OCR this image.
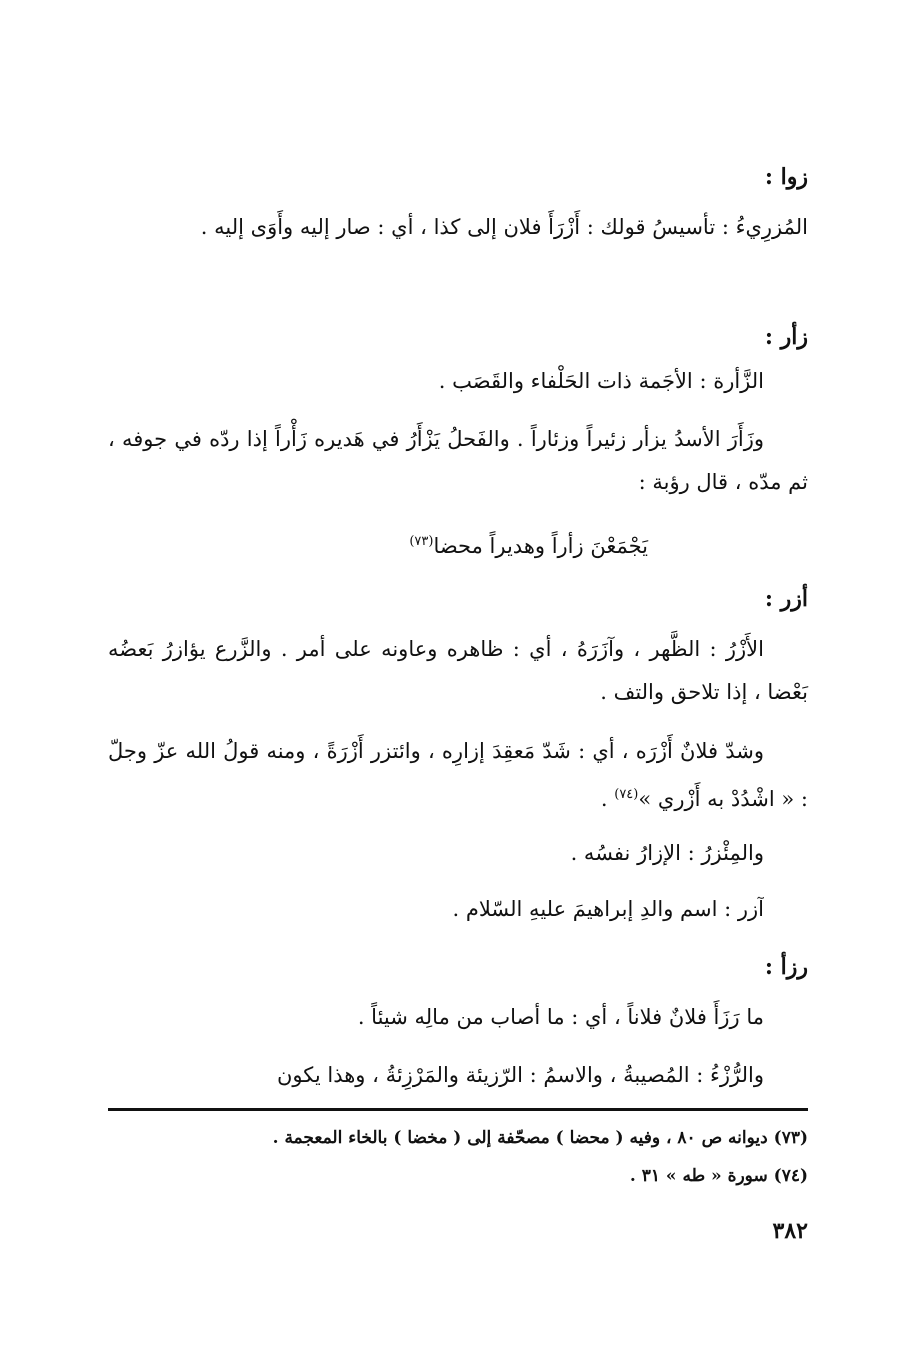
زوا :
المُزرِيءُ : تأسيسُ قولك : أَزْرَأَ فلان إلى كذا ، أي : صار إليه وأَوَى إليه .
زأر :
الزَّأرة : الأجَمة ذات الحَلْفاء والقَصَب .
وزَأَرَ الأسدُ يزأر زئيراً وزئاراً . والفَحلُ يَزْأَرُ في هَديره زَأْراً إذا ردّه في جوفه ، ثم مدّه ، قال رؤبة :
يَجْمَعْنَ زأراً وهديراً محضا$^{(٧٣)}$
أزر :
الأَزْرُ : الظَّهر ، وآزَرَهُ ، أي : ظاهره وعاونه على أمر . والزَّرع يؤازرُ بَعضُه بَعْضا ، إذا تلاحق والتف .
وشدّ فلانٌ أَزْرَه ، أي : شَدّ مَعقِدَ إزارِه ، وائتزر أَزْرَةً ، ومنه قولُ الله عزّ وجلّ : « اشْدُدْ به أَزْري »$^{(٧٤)}$ .
والمِئْزرُ : الإزارُ نفسُه .
آزر : اسم والدِ إبراهيمَ عليهِ السّلام .
رزأ :
ما رَزَأَ فلانٌ فلاناً ، أي : ما أصاب من مالِه شيئاً .
والرُّزْءُ : المُصيبةُ ، والاسمُ : الرّزيئة والمَرْزِئةُ ، وهذا يكون
(٧٣) ديوانه ص ٨٠ ، وفيه ( محضا ) مصحّفة إلى ( مخضا ) بالخاء المعجمة .
(٧٤) سورة « طه » ٣١ .
٣٨٢
